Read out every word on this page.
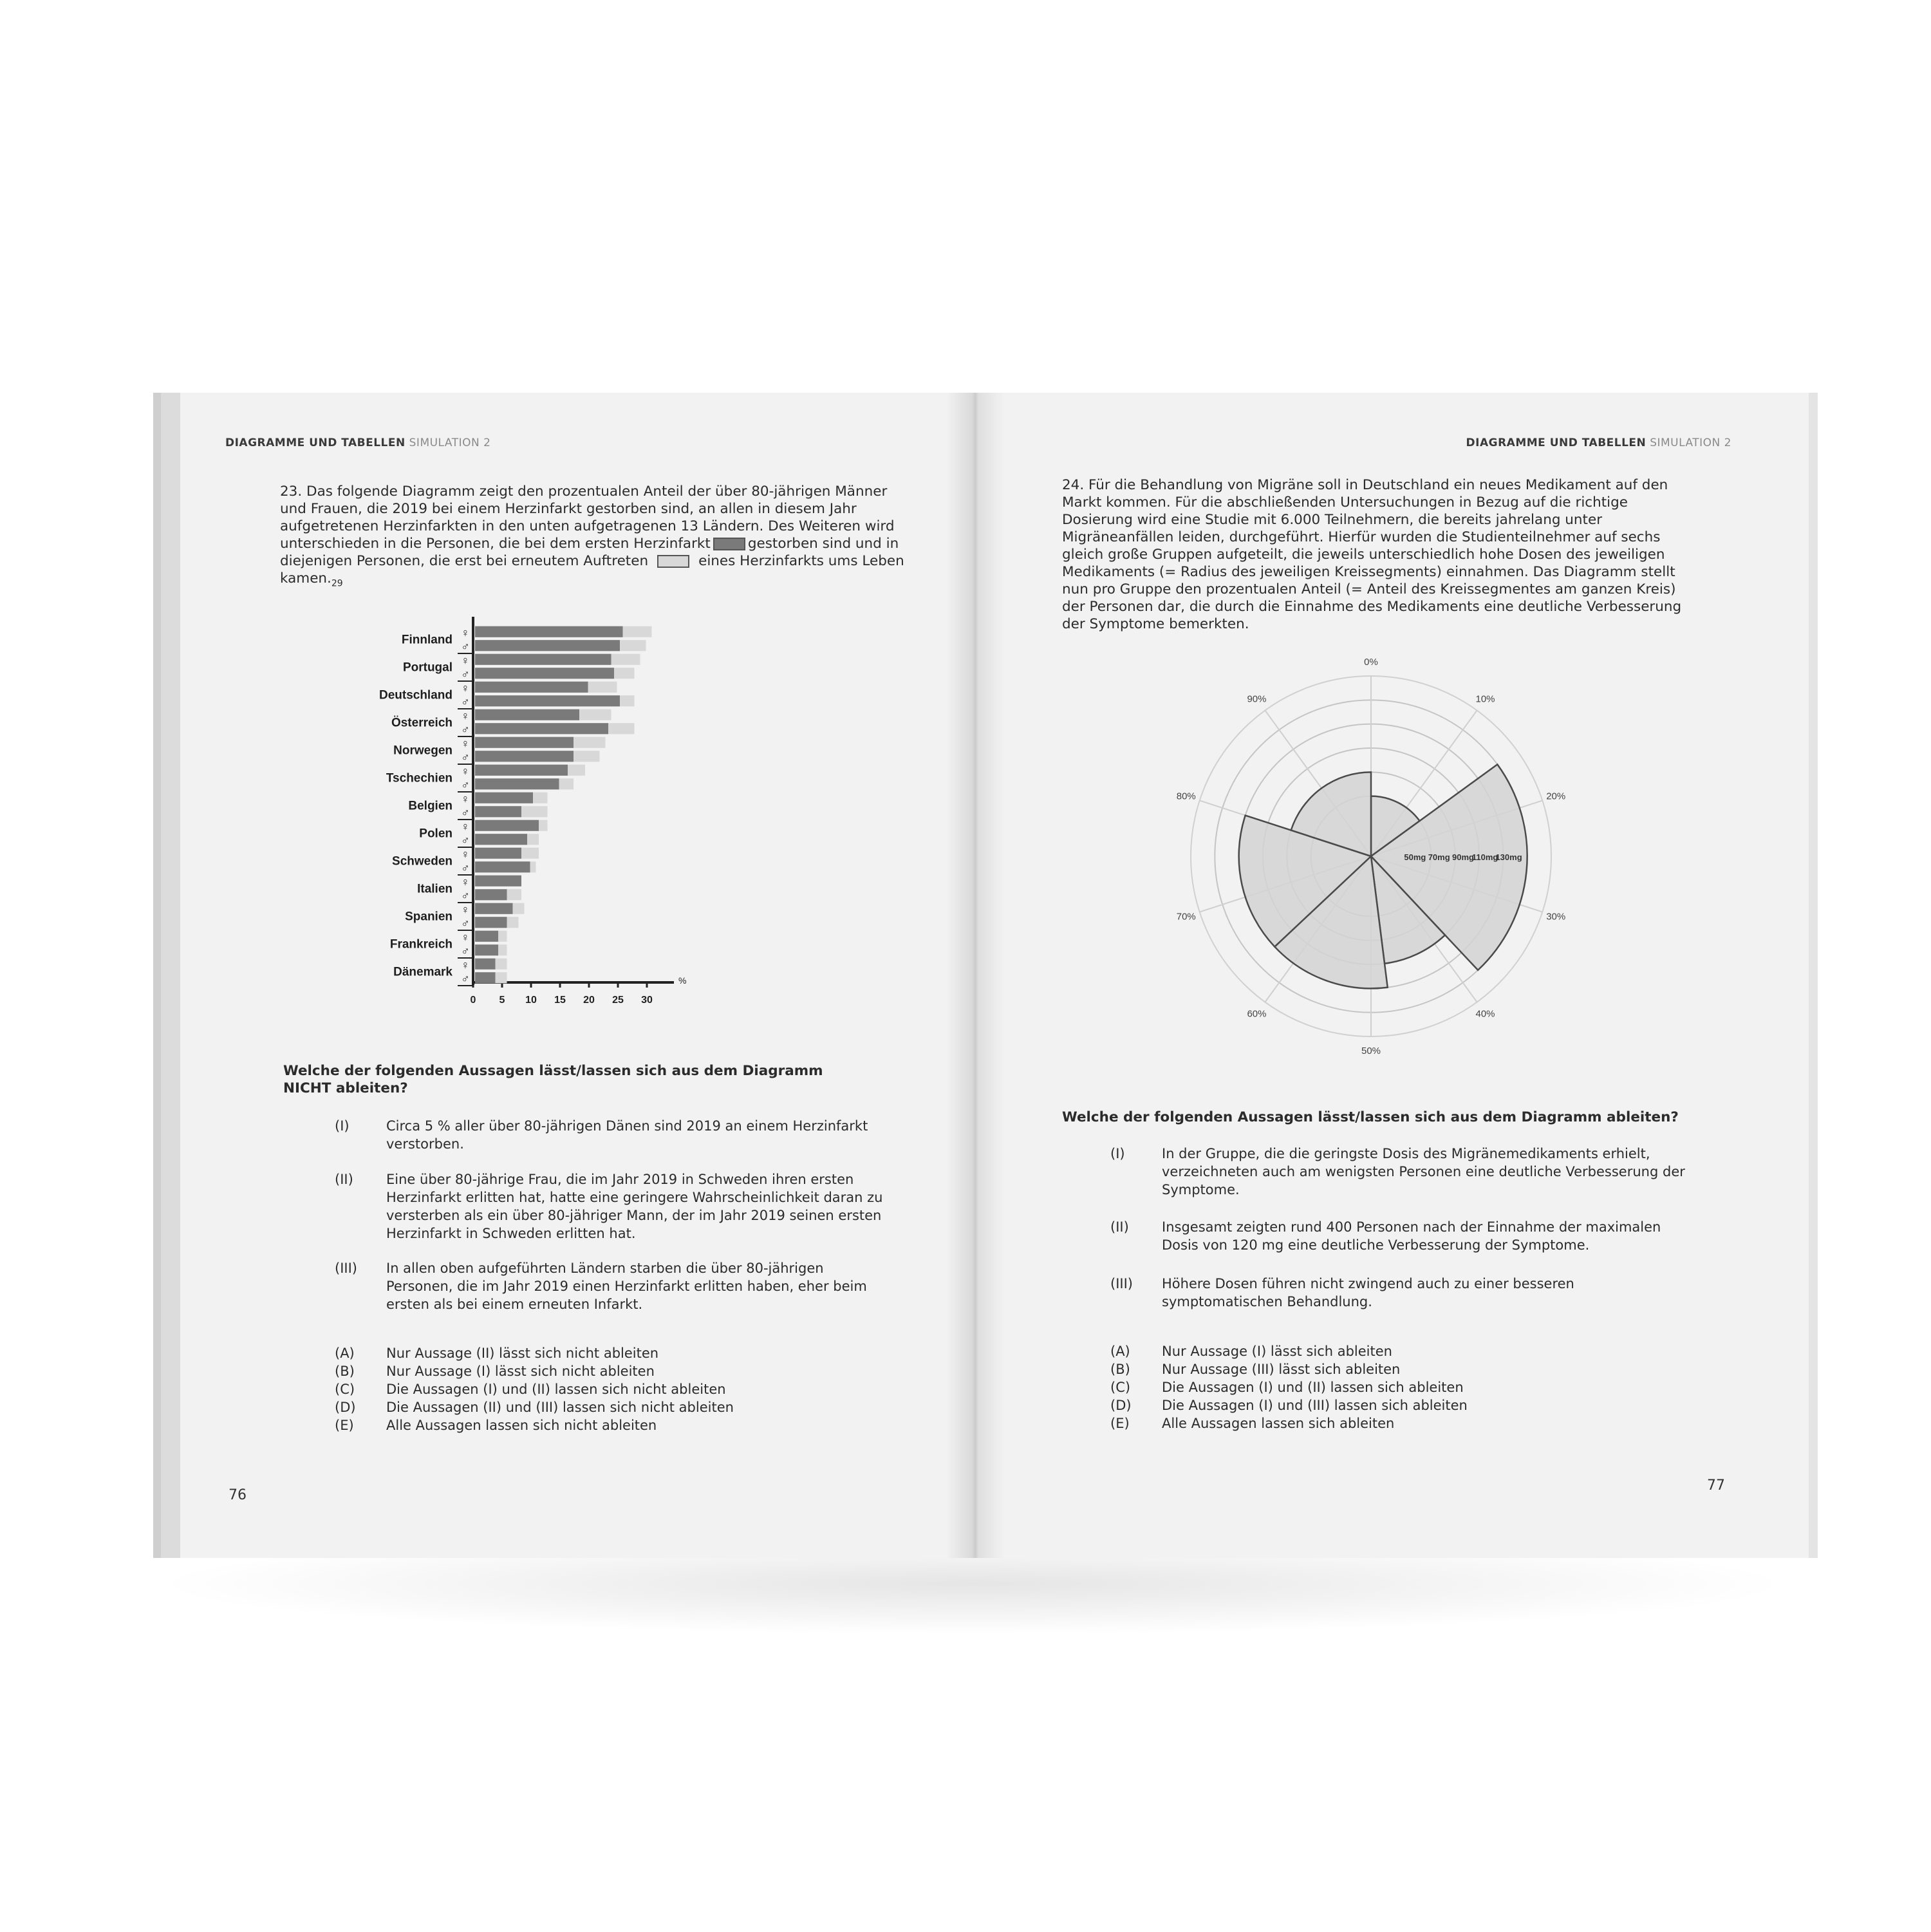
DIAGRAMME UND TABELLEN SIMULATION 2
23. Das folgende Diagramm zeigt den prozentualen Anteil der über 80-jährigen Männer
und Frauen, die 2019 bei einem Herzinfarkt gestorben sind, an allen in diesem Jahr
aufgetretenen Herzinfarkten in den unten aufgetragenen 13 Ländern. Des Weiteren wird
unterschieden in die Personen, die bei dem ersten Herzinfarkt	gestorben sind und in
diejenigen Personen, die erst bei erneutem Auftreten	eines Herzinfarkts ums Leben
$kamen._{29}$
0 5 10 15 20 25 30
%
♀
♂
Finnland
♀
♂
Portugal
♀
♂
Deutschland
♀
♂
Österreich
♀
♂
Norwegen
♀
♂
Tschechien
♀
♂
Belgien
♀
♂
Polen
♀
♂
Schweden
♀
♂
Italien
♀
♂
Spanien
♀
♂
Frankreich
♀
♂
Dänemark
Welche der folgenden Aussagen lässt/lassen sich aus dem Diagramm NICHT ableiten?
(I)	Circa 5 % aller über 80-jährigen Dänen sind 2019 an einem Herzinfarkt verstorben.
(II) Eine über 80-jährige Frau, die im Jahr 2019 in Schweden ihren ersten Herzinfarkt erlitten hat, hatte eine geringere Wahrscheinlichkeit daran zu versterben als ein über 80-jähriger Mann, der im Jahr 2019 seinen ersten Herzinfarkt in Schweden erlitten hat.
(III) In allen oben aufgeführten Ländern starben die über 80-jährigen Personen, die im Jahr 2019 einen Herzinfarkt erlitten haben, eher beim ersten als bei einem erneuten Infarkt.
(A) Nur Aussage (II) lässt sich nicht ableiten
(B) Nur Aussage (I) lässt sich nicht ableiten
(C) Die Aussagen (I) und (II) lassen sich nicht ableiten
(D) Die Aussagen (II) und (III) lassen sich nicht ableiten
(E) Alle Aussagen lassen sich nicht ableiten
76
DIAGRAMME UND TABELLEN SIMULATION 2
24. Für die Behandlung von Migräne soll in Deutschland ein neues Medikament auf den
Markt kommen. Für die abschließenden Untersuchungen in Bezug auf die richtige
Dosierung wird eine Studie mit 6.000 Teilnehmern, die bereits jahrelang unter
Migräneanfällen leiden, durchgeführt. Hierfür wurden die Studienteilnehmer auf sechs
gleich große Gruppen aufgeteilt, die jeweils unterschiedlich hohe Dosen des jeweiligen
Medikaments (= Radius des jeweiligen Kreissegments) einnahmen. Das Diagramm stellt
nun pro Gruppe den prozentualen Anteil (= Anteil des Kreissegmentes am ganzen Kreis)
der Personen dar, die durch die Einnahme des Medikaments eine deutliche Verbesserung
der Symptome bemerkten.
0%
10%
20%
30%
40%
50%
60%
70%
80%
90%
50mg 70mg 90mg
110mg
130mg
Welche der folgenden Aussagen lässt/lassen sich aus dem Diagramm ableiten?
(I)	In der Gruppe, die die geringste Dosis des Migränemedikaments erhielt, verzeichneten auch am wenigsten Personen eine deutliche Verbesserung der Symptome.
(II) Insgesamt zeigten rund 400 Personen nach der Einnahme der maximalen Dosis von 120 mg eine deutliche Verbesserung der Symptome.
(III) Höhere Dosen führen nicht zwingend auch zu einer besseren symptomatischen Behandlung.
(A) Nur Aussage (I) lässt sich ableiten
(B) Nur Aussage (III) lässt sich ableiten
(C) Die Aussagen (I) und (II) lassen sich ableiten
(D) Die Aussagen (I) und (III) lassen sich ableiten
(E) Alle Aussagen lassen sich ableiten
77
